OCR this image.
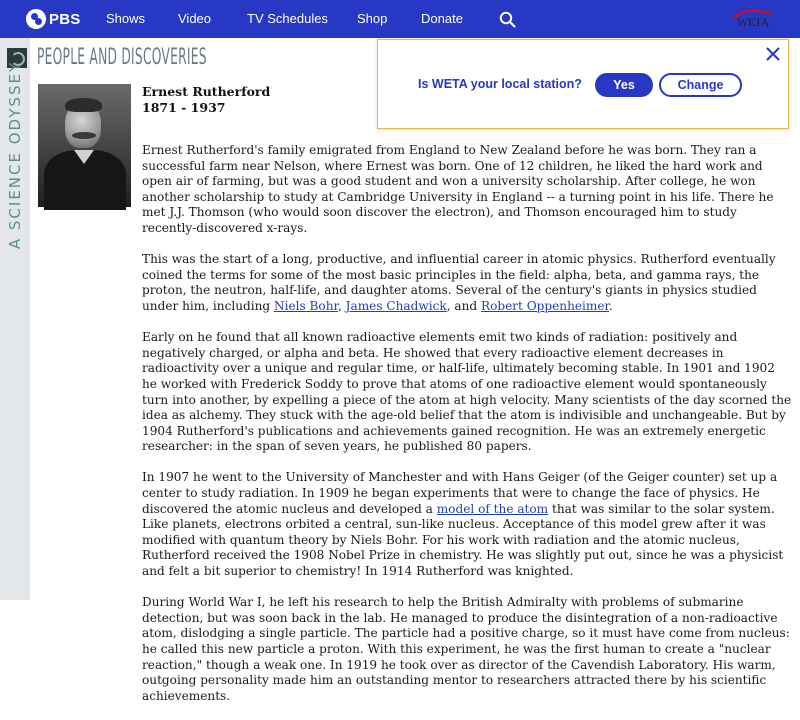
PBS Shows	Video	TV Schedules Shop	Donate	WETA
A SCIENCE ODYSSEY
PEOPLE AND DISCOVERIES
Ernest Rutherford
1871 - 1937

Ernest Rutherford's family emigrated from England to New Zealand before he was born. They ran a successful farm near Nelson, where Ernest was born. One of 12 children, he liked the hard work and open air of farming, but was a good student and won a university scholarship. After college, he won another scholarship to study at Cambridge University in England -- a turning point in his life. There he met J.J. Thomson (who would soon discover the electron), and Thomson encouraged him to study recently-discovered x-rays.

This was the start of a long, productive, and influential career in atomic physics. Rutherford eventually coined the terms for some of the most basic principles in the field: alpha, beta, and gamma rays, the proton, the neutron, half-life, and daughter atoms. Several of the century's giants in physics studied under him, including Niels Bohr, James Chadwick, and Robert Oppenheimer.

Early on he found that all known radioactive elements emit two kinds of radiation: positively and negatively charged, or alpha and beta. He showed that every radioactive element decreases in radioactivity over a unique and regular time, or half-life, ultimately becoming stable. In 1901 and 1902 he worked with Frederick Soddy to prove that atoms of one radioactive element would spontaneously turn into another, by expelling a piece of the atom at high velocity. Many scientists of the day scorned the idea as alchemy. They stuck with the age-old belief that the atom is indivisible and unchangeable. But by 1904 Rutherford's publications and achievements gained recognition. He was an extremely energetic researcher: in the span of seven years, he published 80 papers.

In 1907 he went to the University of Manchester and with Hans Geiger (of the Geiger counter) set up a center to study radiation. In 1909 he began experiments that were to change the face of physics. He discovered the atomic nucleus and developed a model of the atom that was similar to the solar system. Like planets, electrons orbited a central, sun-like nucleus. Acceptance of this model grew after it was modified with quantum theory by Niels Bohr. For his work with radiation and the atomic nucleus, Rutherford received the 1908 Nobel Prize in chemistry. He was slightly put out, since he was a physicist and felt a bit superior to chemistry! In 1914 Rutherford was knighted.

During World War I, he left his research to help the British Admiralty with problems of submarine detection, but was soon back in the lab. He managed to produce the disintegration of a non-radioactive atom, dislodging a single particle. The particle had a positive charge, so it must have come from nucleus: he called this new particle a proton. With this experiment, he was the first human to create a "nuclear reaction," though a weak one. In 1919 he took over as director of the Cavendish Laboratory. His warm, outgoing personality made him an outstanding mentor to researchers attracted there by his scientific achievements.

Is WETA your local station?	Yes	Change
